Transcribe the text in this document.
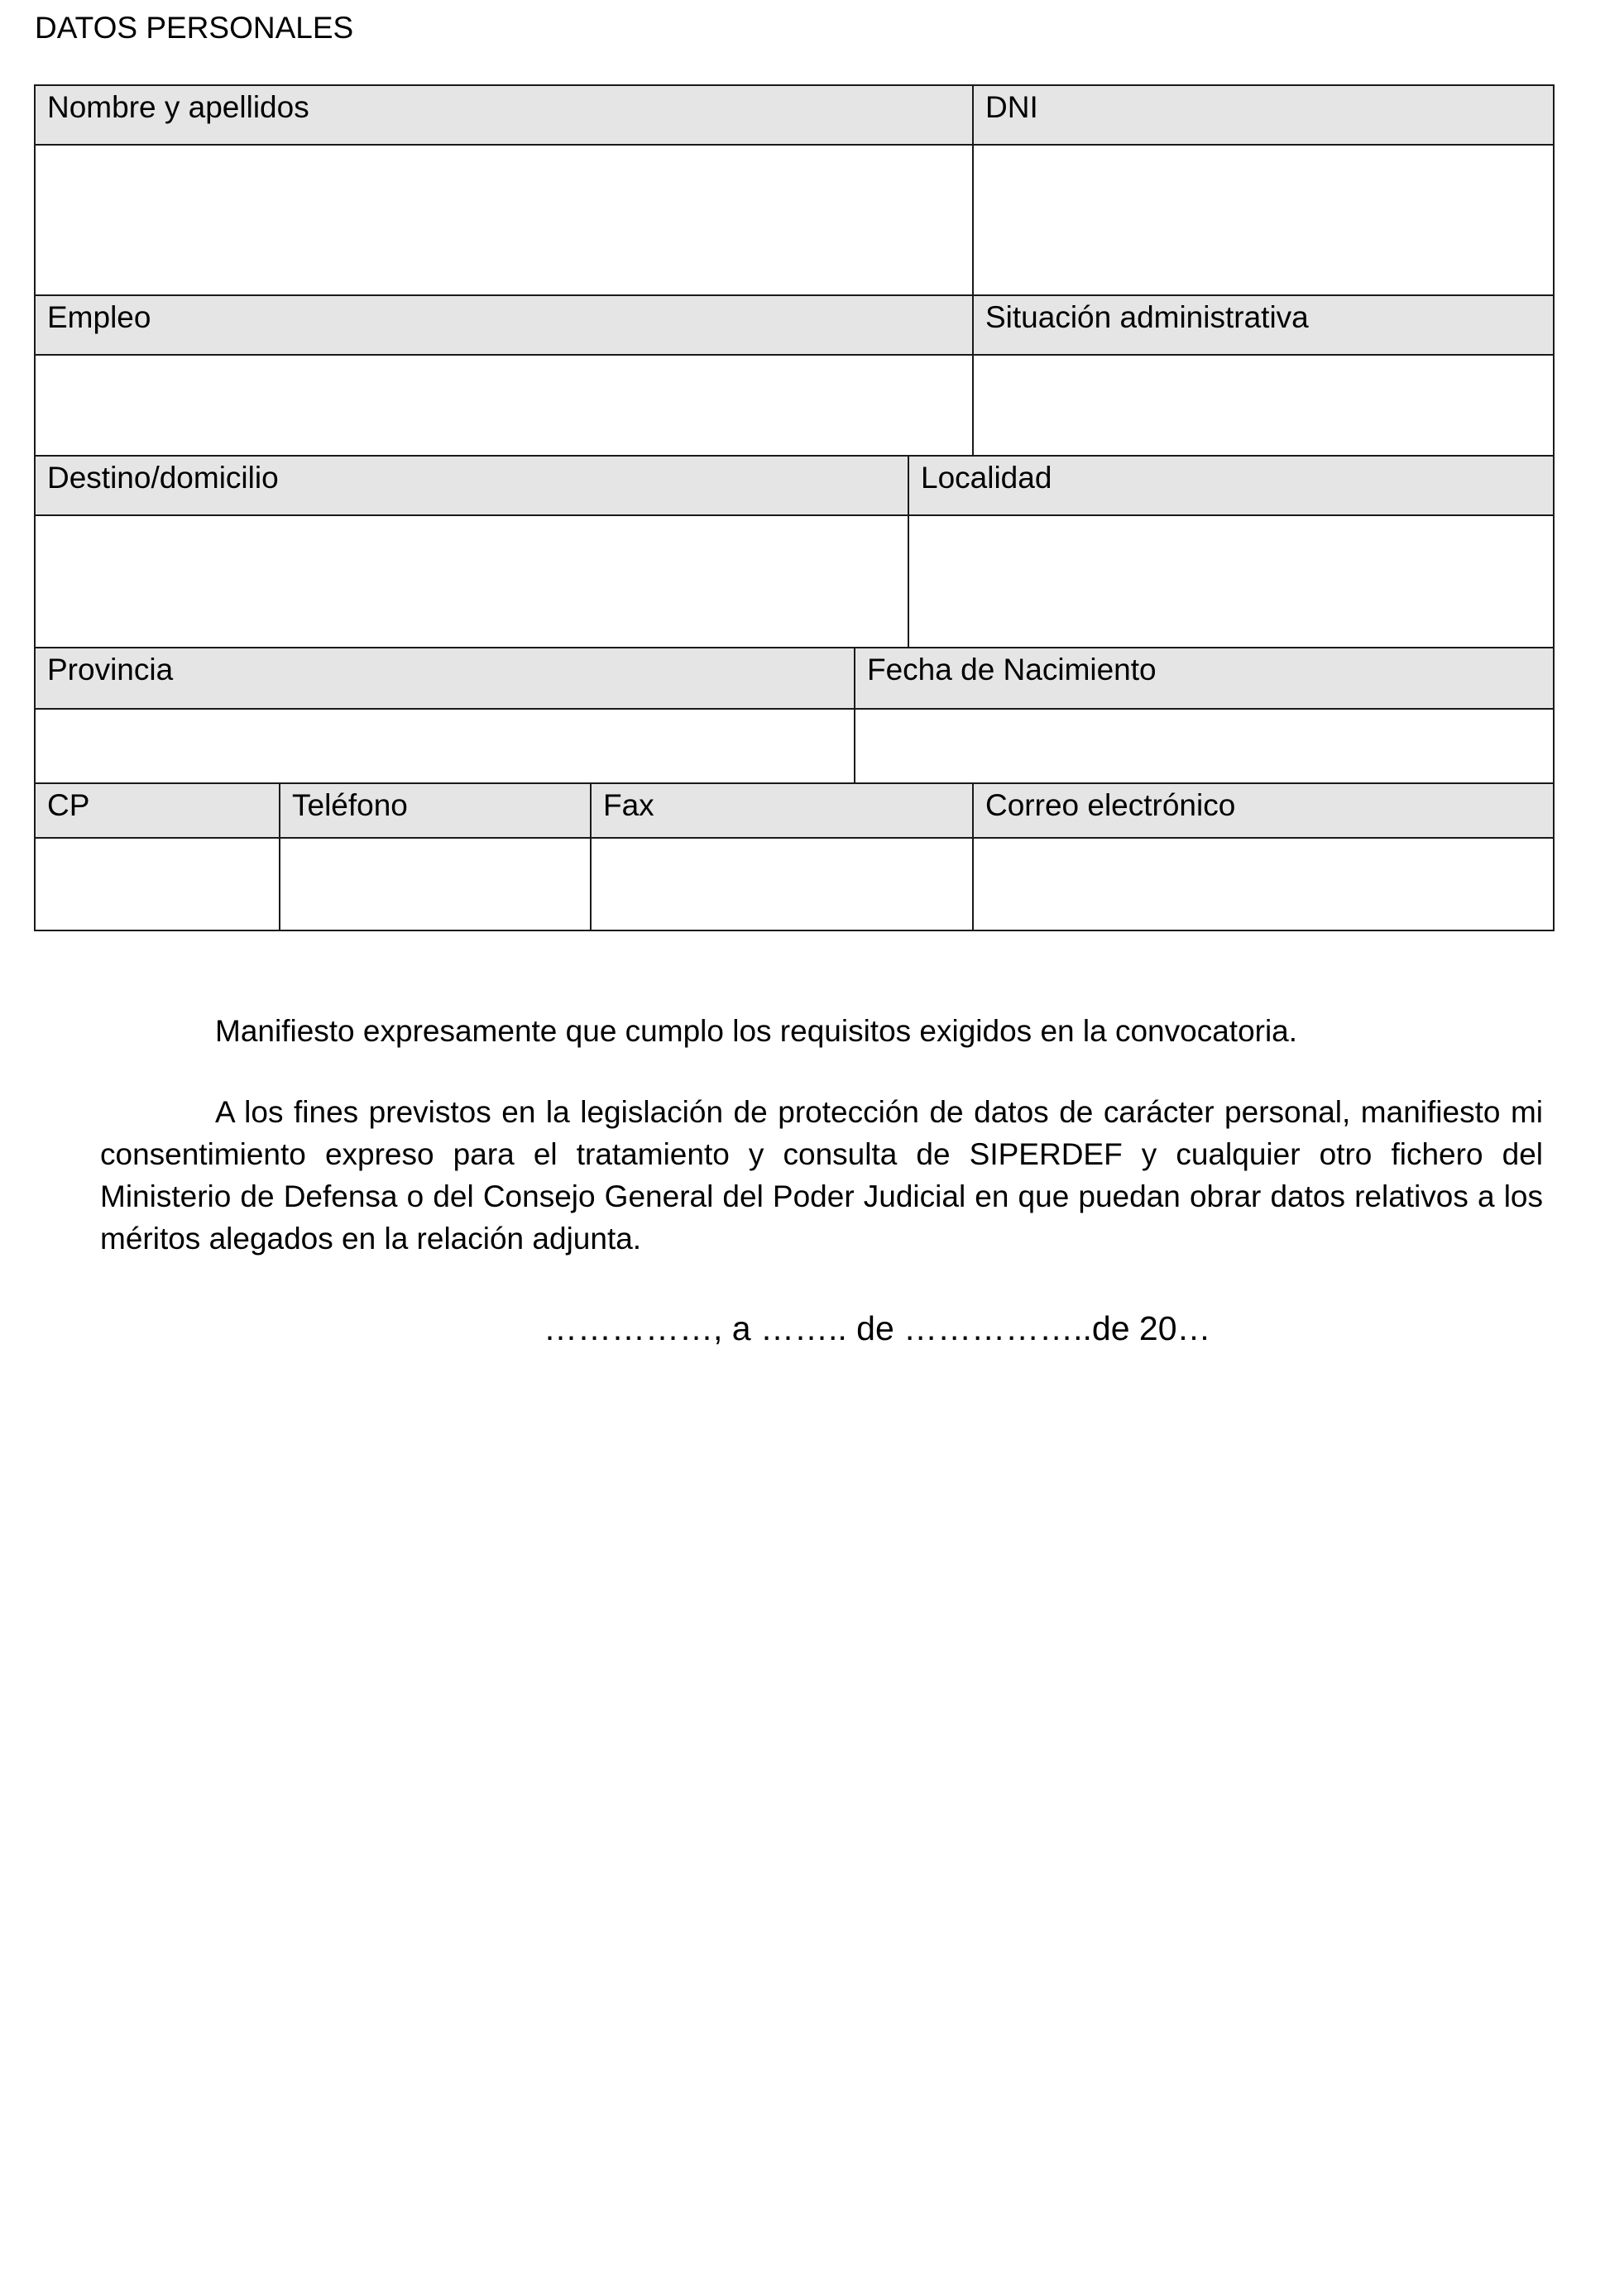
DATOS PERSONALES
Nombre y apellidos	DNI
Empleo	Situación administrativa
Destino/domicilio	Localidad
Provincia	Fecha de Nacimiento
CP	Teléfono	Fax	Correo electrónico

Manifiesto expresamente que cumplo los requisitos exigidos en la convocatoria.

A los fines previstos en la legislación de protección de datos de carácter personal, manifiesto mi consentimiento expreso para el tratamiento y consulta de SIPERDEF y cualquier otro fichero del Ministerio de Defensa o del Consejo General del Poder Judicial en que puedan obrar datos relativos a los méritos alegados en la relación adjunta.

……………, a …….. de ……………..de 20…
